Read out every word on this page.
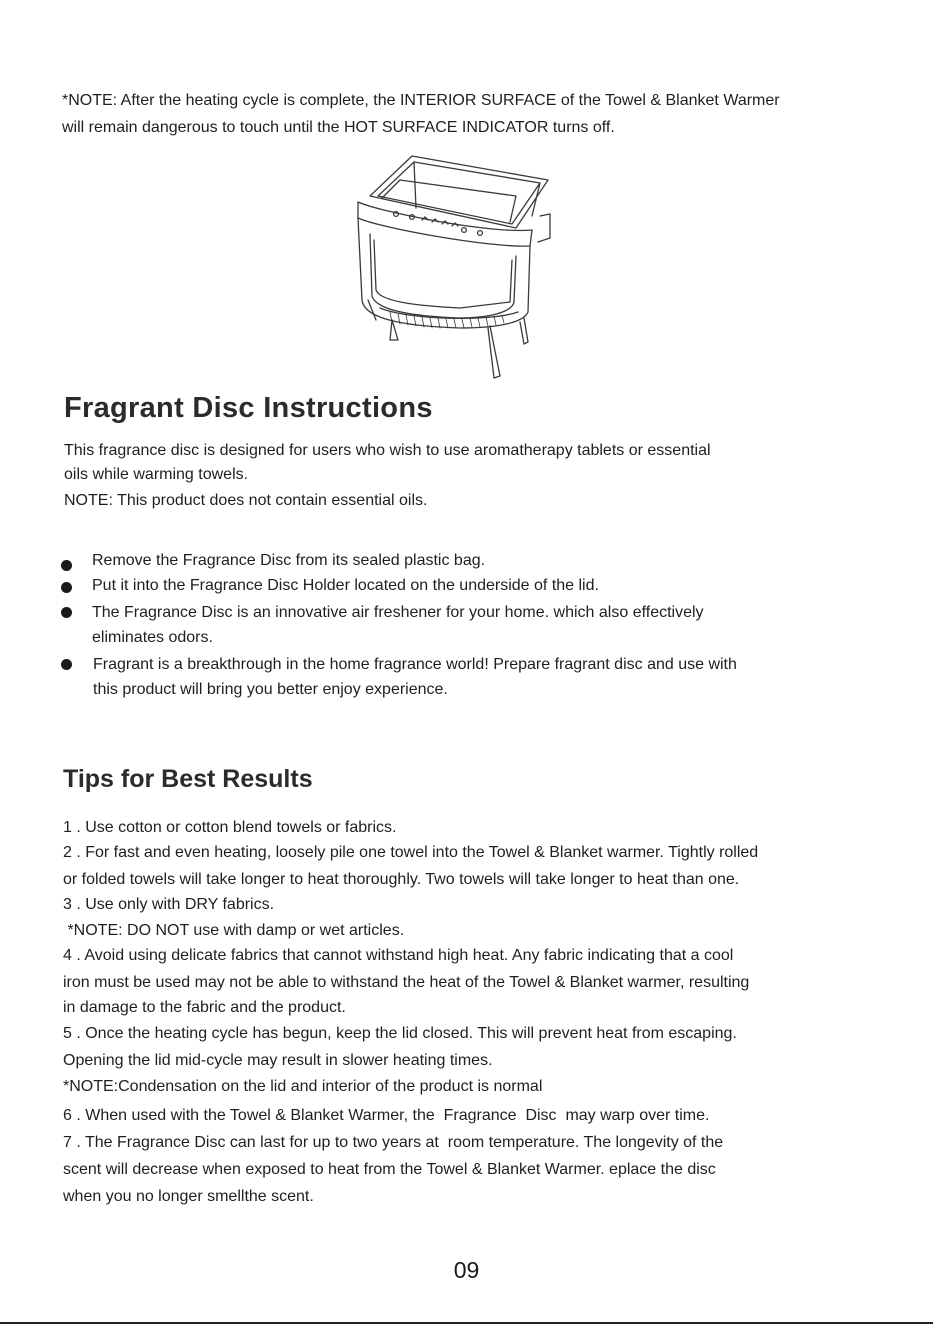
*NOTE: After the heating cycle is complete, the INTERIOR SURFACE of the Towel & Blanket Warmer
will remain dangerous to touch until the HOT SURFACE INDICATOR turns off.
Fragrant Disc Instructions
This fragrance disc is designed for users who wish to use aromatherapy tablets or essential
oils while warming towels.
NOTE: This product does not contain essential oils.
Remove the Fragrance Disc from its sealed plastic bag.
Put it into the Fragrance Disc Holder located on the underside of the lid.
The Fragrance Disc is an innovative air freshener for your home. which also effectively
eliminates odors.
Fragrant is a breakthrough in the home fragrance world! Prepare fragrant disc and use with
this product will bring you better enjoy experience.
Tips for Best Results
1 . Use cotton or cotton blend towels or fabrics.
2 . For fast and even heating, loosely pile one towel into the Towel & Blanket warmer. Tightly rolled
or folded towels will take longer to heat thoroughly. Two towels will take longer to heat than one.
3 . Use only with DRY fabrics.
*NOTE: DO NOT use with damp or wet articles.
4 . Avoid using delicate fabrics that cannot withstand high heat. Any fabric indicating that a cool
iron must be used may not be able to withstand the heat of the Towel & Blanket warmer, resulting
in damage to the fabric and the product.
5 . Once the heating cycle has begun, keep the lid closed. This will prevent heat from escaping.
Opening the lid mid-cycle may result in slower heating times.
*NOTE:Condensation on the lid and interior of the product is normal
6 . When used with the Towel & Blanket Warmer, the  Fragrance  Disc  may warp over time.
7 . The Fragrance Disc can last for up to two years at  room temperature. The longevity of the
scent will decrease when exposed to heat from the Towel & Blanket Warmer. eplace the disc
when you no longer smellthe scent.
09
